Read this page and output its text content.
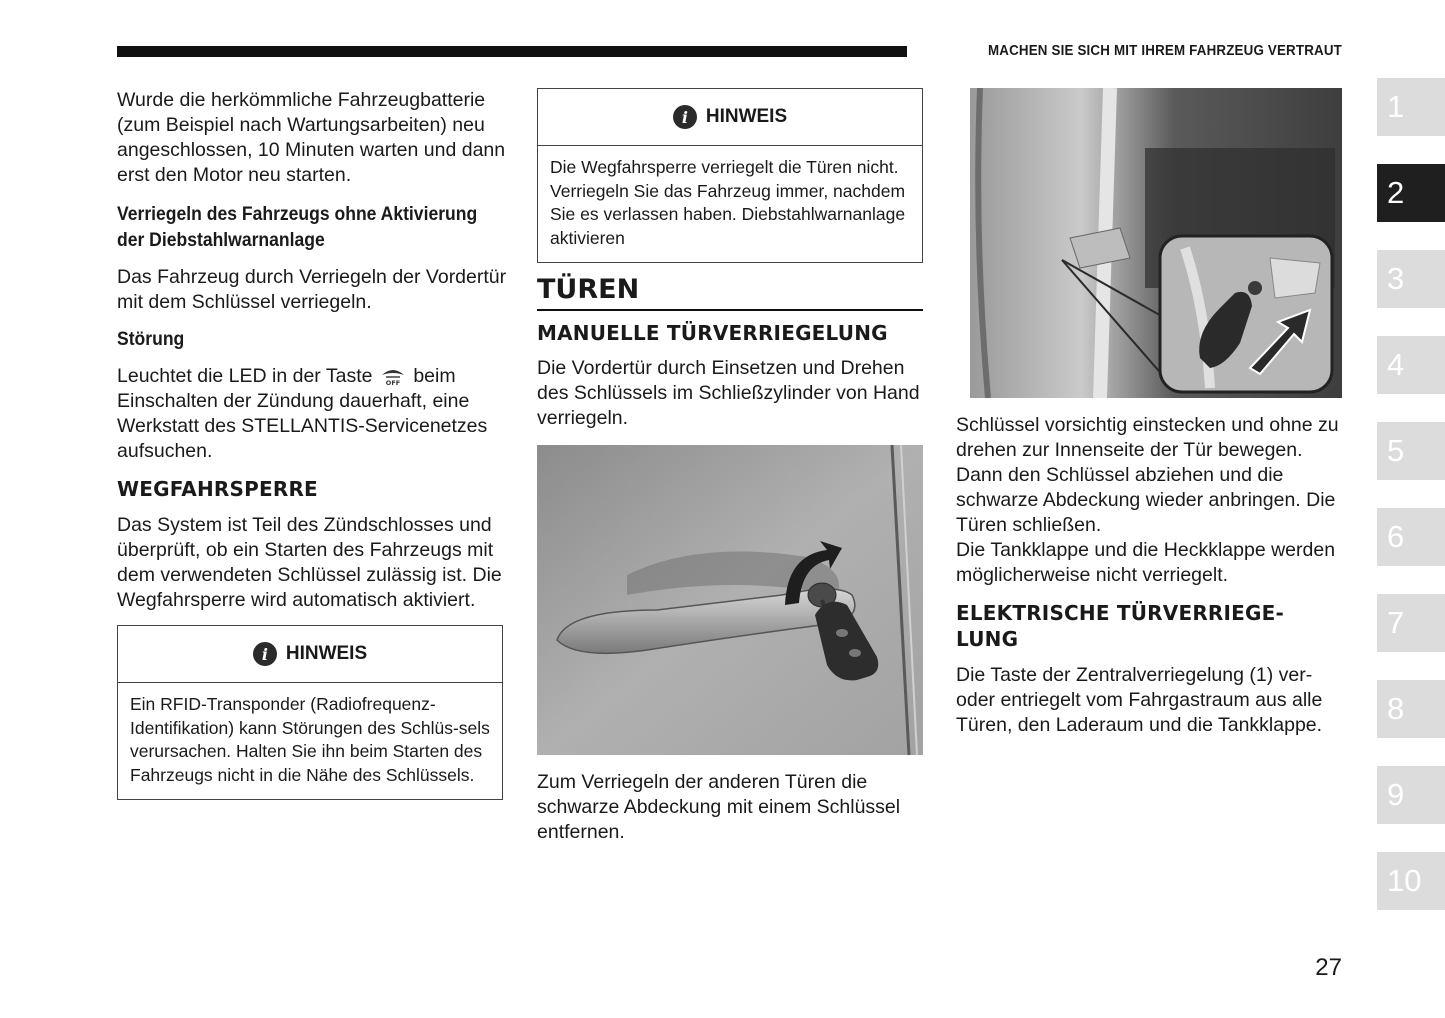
MACHEN SIE SICH MIT IHREM FAHRZEUG VERTRAUT

Wurde die herkömmliche Fahrzeugbatterie (zum Beispiel nach Wartungsarbeiten) neu angeschlossen, 10 Minuten warten und dann erst den Motor neu starten.

Verriegeln des Fahrzeugs ohne Aktivierung der Diebstahlwarnanlage

Das Fahrzeug durch Verriegeln der Vordertür mit dem Schlüssel verriegeln.

Störung

Leuchtet die LED in der Taste OFF beim Einschalten der Zündung dauerhaft, eine Werkstatt des STELLANTIS-Servicenetzes aufsuchen.

WEGFAHRSPERRE

Das System ist Teil des Zündschlosses und überprüft, ob ein Starten des Fahrzeugs mit dem verwendeten Schlüssel zulässig ist. Die Wegfahrsperre wird automatisch aktiviert.

i HINWEIS
Ein RFID-Transponder (Radiofrequenz-Identifikation) kann Störungen des Schlüs-sels verursachen. Halten Sie ihn beim Starten des Fahrzeugs nicht in die Nähe des Schlüssels.
i HINWEIS
Die Wegfahrsperre verriegelt die Türen nicht. Verriegeln Sie das Fahrzeug immer, nachdem Sie es verlassen haben. Diebstahlwarnanlage aktivieren

TÜREN

MANUELLE TÜRVERRIEGELUNG

Die Vordertür durch Einsetzen und Drehen des Schlüssels im Schließzylinder von Hand verriegeln.

Zum Verriegeln der anderen Türen die schwarze Abdeckung mit einem Schlüssel entfernen.

Schlüssel vorsichtig einstecken und ohne zu drehen zur Innenseite der Tür bewegen. Dann den Schlüssel abziehen und die schwarze Abdeckung wieder anbringen. Die Türen schließen.

Die Tankklappe und die Heckklappe werden möglicherweise nicht verriegelt.

ELEKTRISCHE TÜRVERRIEGE-LUNG

Die Taste der Zentralverriegelung (1) ver-oder entriegelt vom Fahrgastraum aus alle Türen, den Laderaum und die Tankklappe.

1
2
3
4
5
6
7
8
9
10
27
